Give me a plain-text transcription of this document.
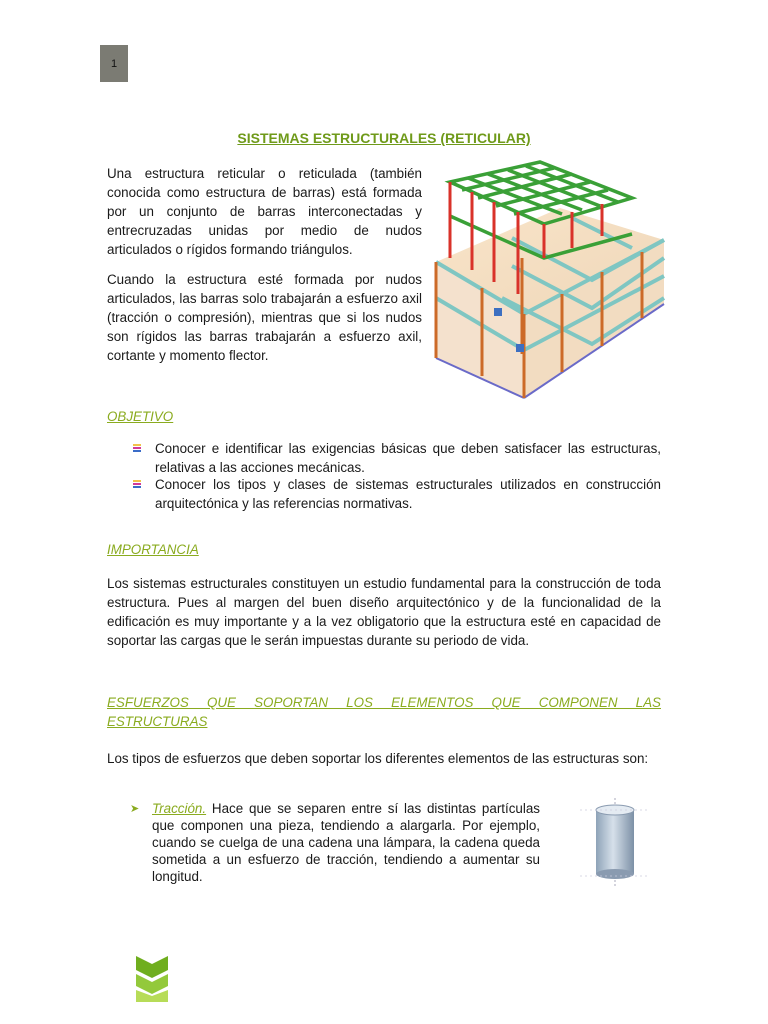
1
SISTEMAS ESTRUCTURALES (RETICULAR)

Una estructura reticular o reticulada (también conocida como estructura de barras) está formada por un conjunto de barras interconectadas y entrecruzadas unidas por medio de nudos articulados o rígidos formando triángulos.

Cuando la estructura esté formada por nudos articulados, las barras solo trabajarán a esfuerzo axil (tracción o compresión), mientras que si los nudos son rígidos las barras trabajarán a esfuerzo axil, cortante y momento flector.

OBJETIVO

Conocer e identificar las exigencias básicas que deben satisfacer las estructuras, relativas a las acciones mecánicas.
Conocer los tipos y clases de sistemas estructurales utilizados en construcción arquitectónica y las referencias normativas.

IMPORTANCIA

Los sistemas estructurales constituyen un estudio fundamental para la construcción de toda estructura. Pues al margen del buen diseño arquitectónico y de la funcionalidad de la edificación es muy importante y a la vez obligatorio que la estructura esté en capacidad de soportar las cargas que le serán impuestas durante su periodo de vida.

ESFUERZOS QUE SOPORTAN LOS ELEMENTOS QUE COMPONEN LAS ESTRUCTURAS

Los tipos de esfuerzos que deben soportar los diferentes elementos de las estructuras son:

➤ Tracción. Hace que se separen entre sí las distintas partículas que componen una pieza, tendiendo a alargarla. Por ejemplo, cuando se cuelga de una cadena una lámpara, la cadena queda sometida a un esfuerzo de tracción, tendiendo a aumentar su longitud.
